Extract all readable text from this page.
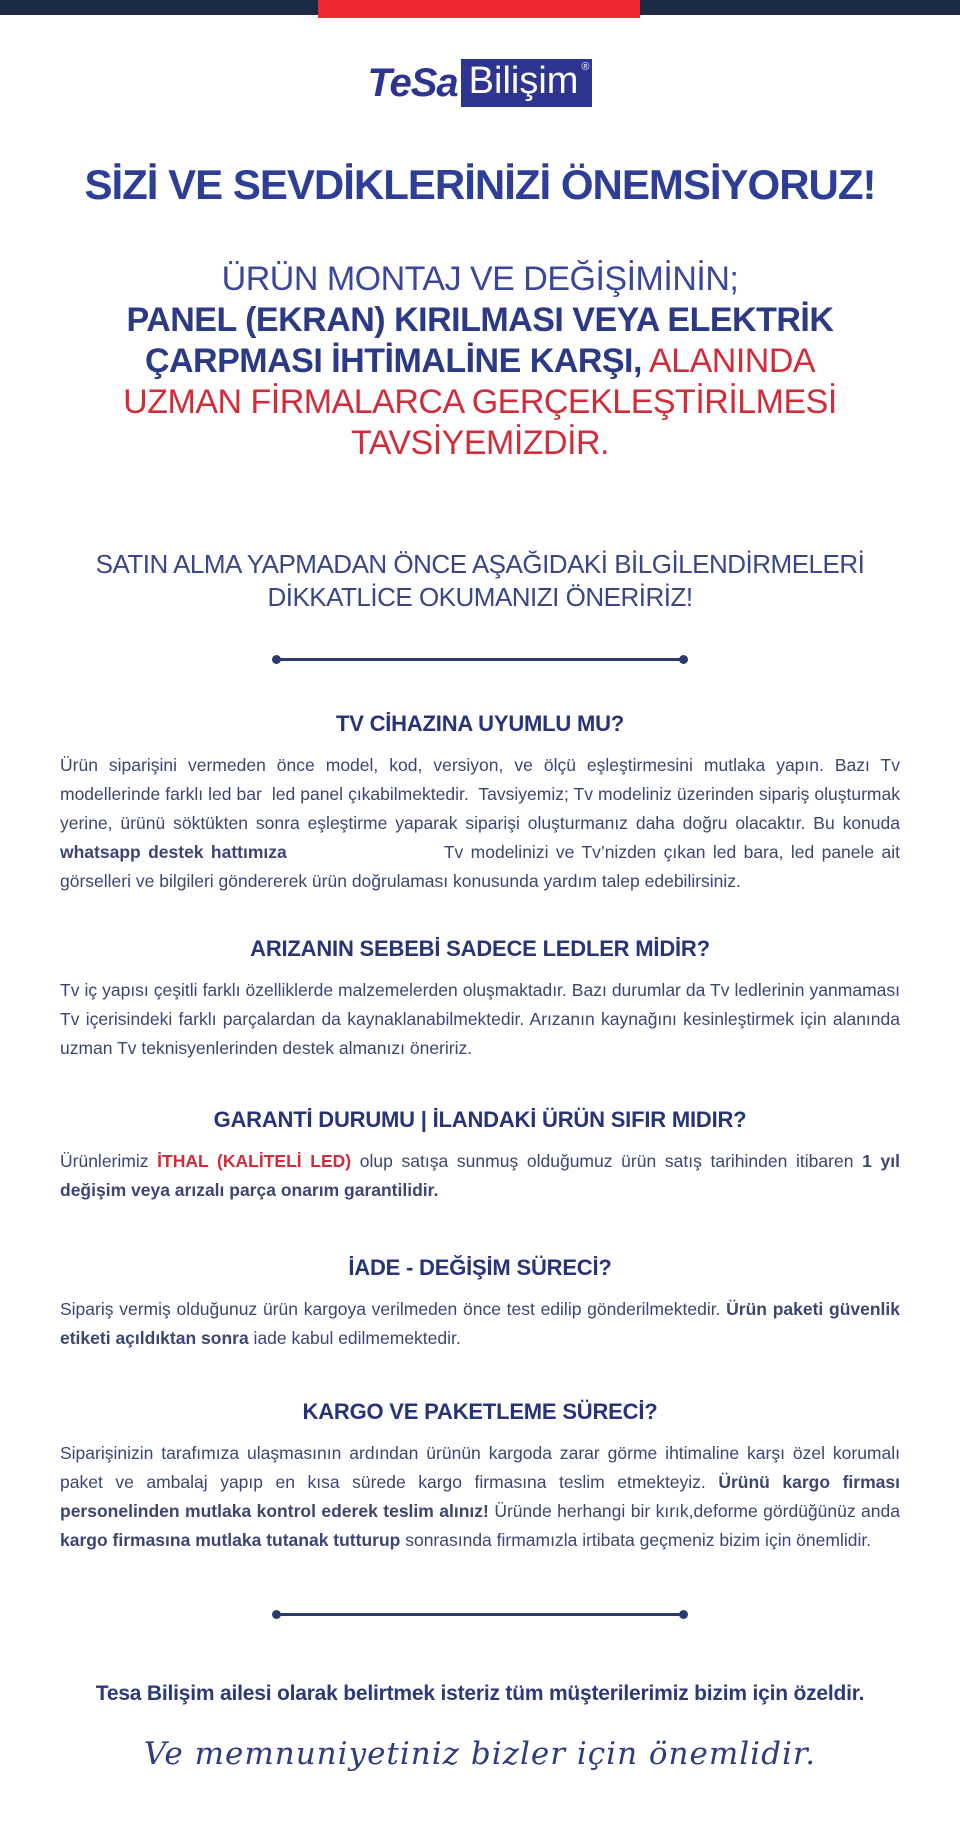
TeSa Bilişim ®
SİZİ VE SEVDİKLERİNİZİ ÖNEMSİYORUZ!
ÜRÜN MONTAJ VE DEĞİŞİMİNİN;
PANEL (EKRAN) KIRILMASI VEYA ELEKTRİK
ÇARPMASI İHTİMALİNE KARŞI, ALANINDA
UZMAN FİRMALARCA GERÇEKLEŞTİRİLMESİ
TAVSİYEMİZDİR.
SATIN ALMA YAPMADAN ÖNCE AŞAĞIDAKİ BİLGİLENDİRMELERİ DİKKATLİCE OKUMANIZI ÖNERİRİZ!
TV CİHAZINA UYUMLU MU?

Ürün siparişini vermeden önce model, kod, versiyon, ve ölçü eşleştirmesini mutlaka yapın. Bazı Tv modellerinde farklı led bar  led panel çıkabilmektedir.  Tavsiyemiz; Tv modeliniz üzerinden sipariş oluşturmak yerine, ürünü söktükten sonra eşleştirme yaparak siparişi oluşturmanız daha doğru olacaktır. Bu konuda whatsapp destek hattımıza	Tv modelinizi ve Tv’nizden çıkan led bara, led panele ait görselleri ve bilgileri göndererek ürün doğrulaması konusunda yardım talep edebilirsiniz.

ARIZANIN SEBEBİ SADECE LEDLER MİDİR?

Tv iç yapısı çeşitli farklı özelliklerde malzemelerden oluşmaktadır. Bazı durumlar da Tv ledlerinin yanmaması Tv içerisindeki farklı parçalardan da kaynaklanabilmektedir. Arızanın kaynağını kesinleştirmek için alanında uzman Tv teknisyenlerinden destek almanızı öneririz.

GARANTİ DURUMU | İLANDAKİ ÜRÜN SIFIR MIDIR?

Ürünlerimiz İTHAL (KALİTELİ LED) olup satışa sunmuş olduğumuz ürün satış tarihinden itibaren 1 yıl değişim veya arızalı parça onarım garantilidir.

İADE - DEĞİŞİM SÜRECİ?

Sipariş vermiş olduğunuz ürün kargoya verilmeden önce test edilip gönderilmektedir. Ürün paketi güvenlik etiketi açıldıktan sonra iade kabul edilmemektedir.

KARGO VE PAKETLEME SÜRECİ?

Siparişinizin tarafımıza ulaşmasının ardından ürünün kargoda zarar görme ihtimaline karşı özel korumalı paket ve ambalaj yapıp en kısa sürede kargo firmasına teslim etmekteyiz. Ürünü kargo firması personelinden mutlaka kontrol ederek teslim alınız! Üründe herhangi bir kırık,deforme gördüğünüz anda kargo firmasına mutlaka tutanak tutturup sonrasında firmamızla irtibata geçmeniz bizim için önemlidir.

Tesa Bilişim ailesi olarak belirtmek isteriz tüm müşterilerimiz bizim için özeldir.
Ve memnuniyetiniz bizler için önemlidir.
